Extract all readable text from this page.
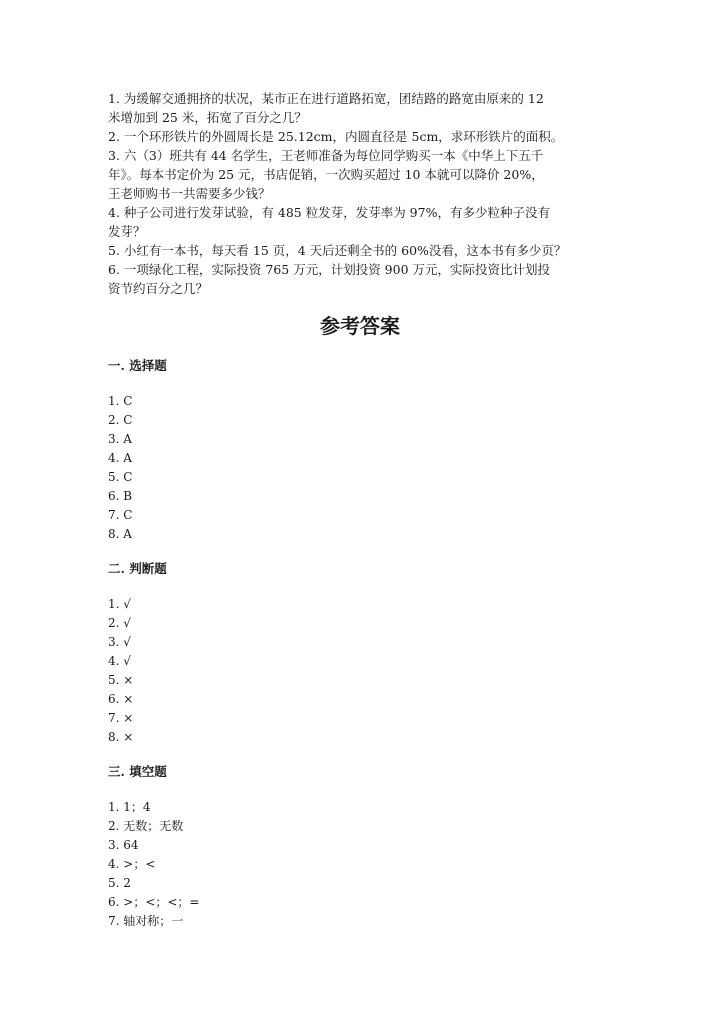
1. 为缓解交通拥挤的状况，某市正在进行道路拓宽，团结路的路宽由原来的 12
米增加到 25 米，拓宽了百分之几？
2. 一个环形铁片的外圆周长是 25.12cm，内圆直径是 5cm，求环形铁片的面积。
3. 六（3）班共有 44 名学生，王老师准备为每位同学购买一本《中华上下五千
年》。每本书定价为 25 元，书店促销，一次购买超过 10 本就可以降价 20%，
王老师购书一共需要多少钱？
4. 种子公司进行发芽试验，有 485 粒发芽，发芽率为 97%，有多少粒种子没有
发芽？
5. 小红有一本书，每天看 15 页，4 天后还剩全书的 60%没看，这本书有多少页？
6. 一项绿化工程，实际投资 765 万元，计划投资 900 万元，实际投资比计划投
资节约百分之几？
参考答案
一. 选择题
1. C
2. C
3. A
4. A
5. C
6. B
7. C
8. A
二. 判断题
1. √
2. √
3. √
4. √
5. ×
6. ×
7. ×
8. ×
三. 填空题
1. 1；4
2. 无数；无数
3. 64
4. >；<
5. 2
6. >；<；<；=
7. 轴对称；一
